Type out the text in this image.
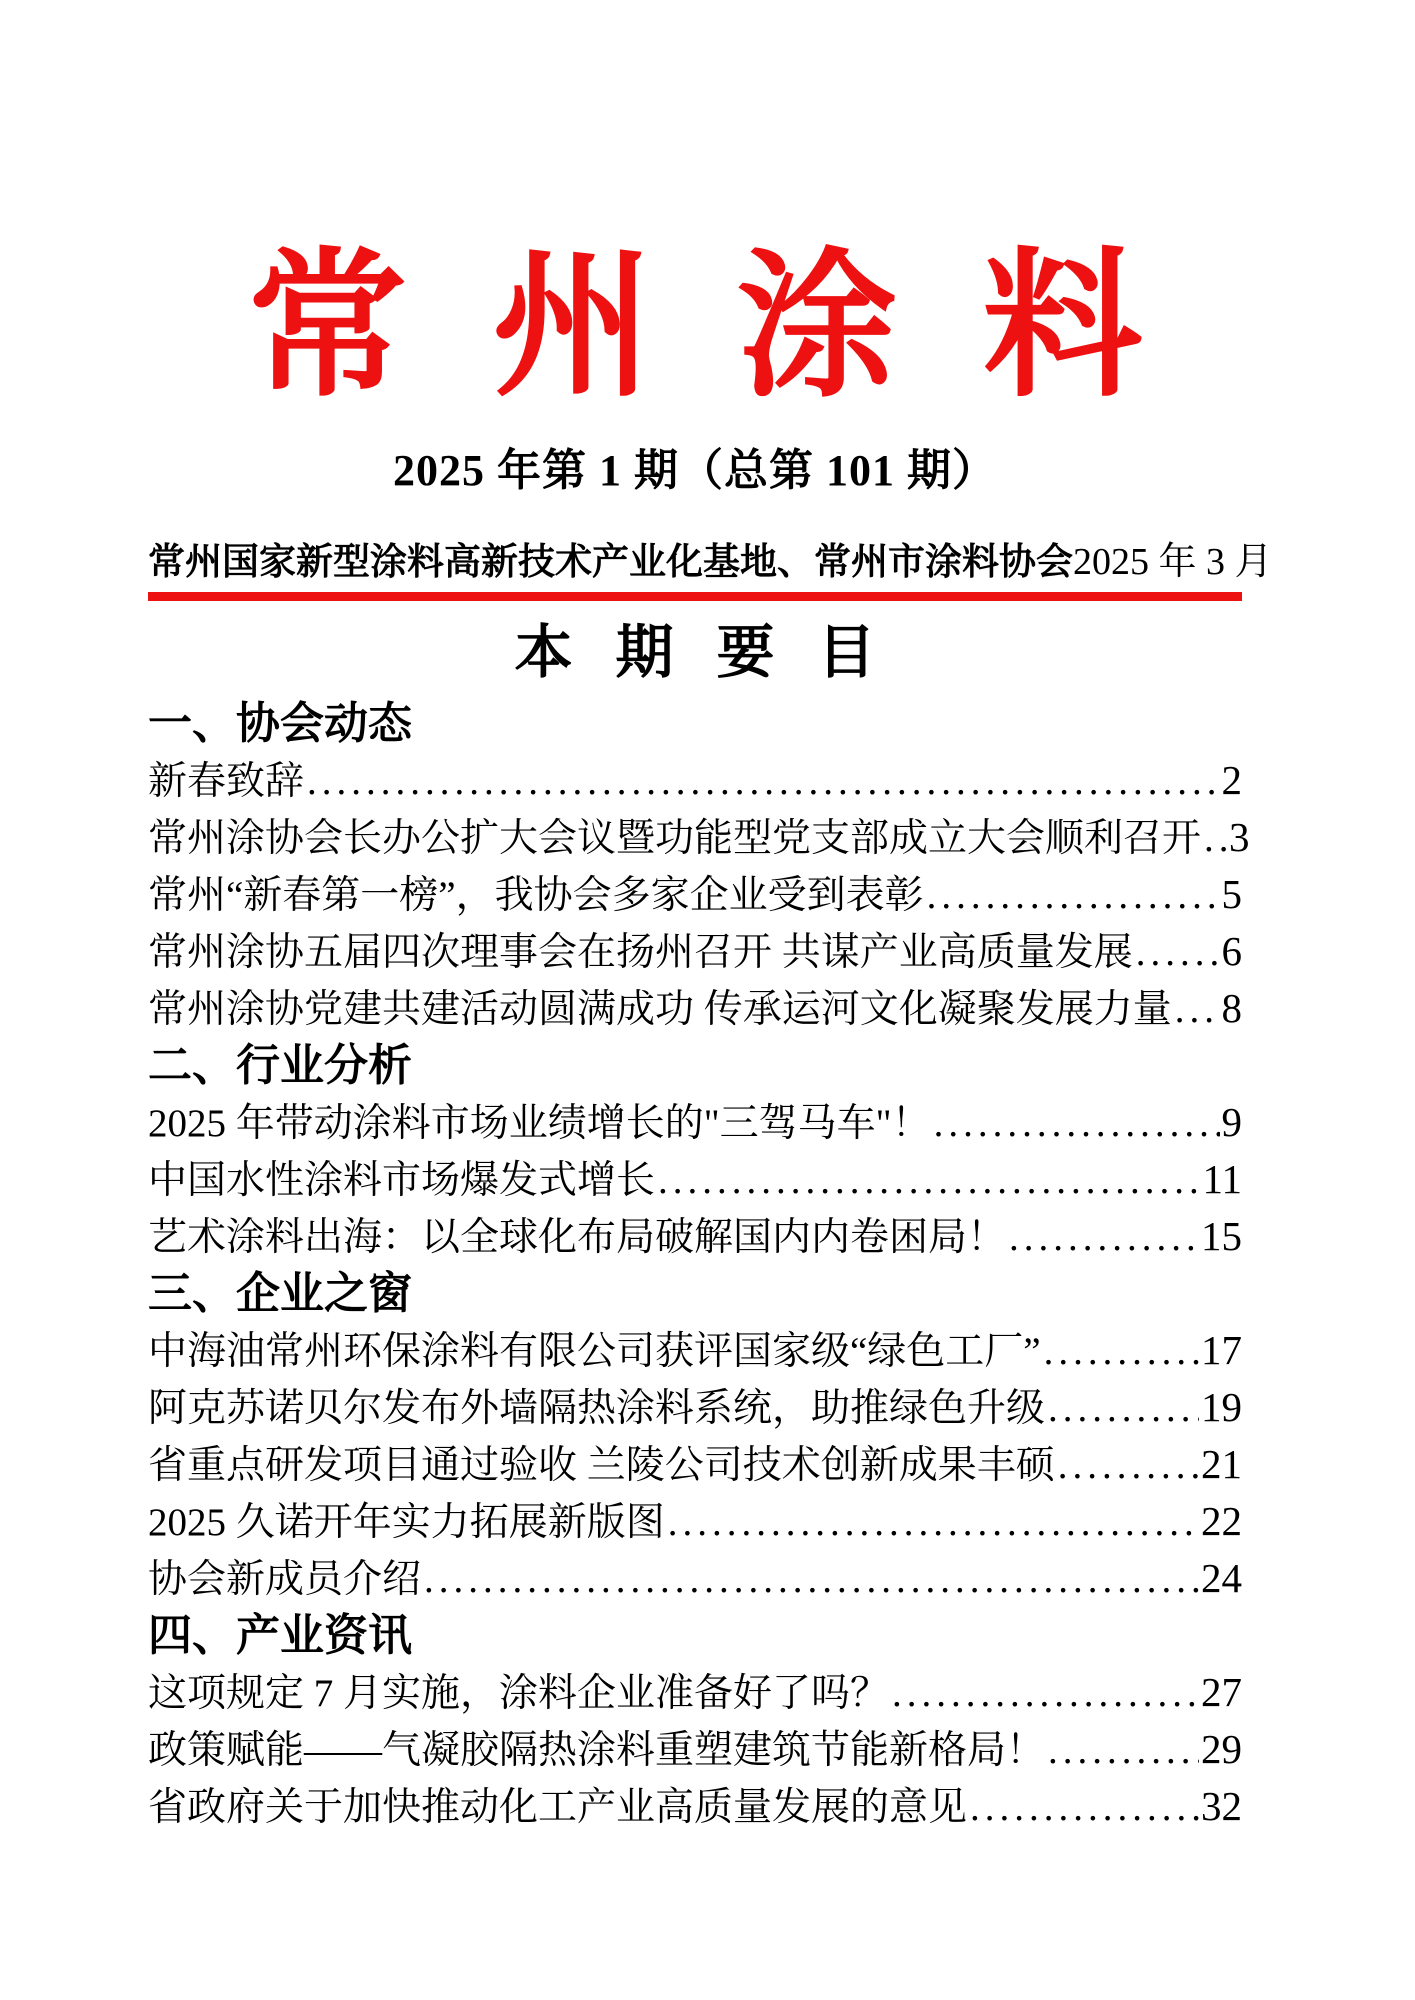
常州涂料
2025 年第 1 期（总第 101 期）
常州国家新型涂料高新技术产业化基地、常州市涂料协会 2025 年 3 月
本期要目
一、协会动态
新春致辞 .....	2
常州涂协会长办公扩大会议暨功能型党支部成立大会顺利召开 ..... 3
常州“新春第一榜”，我协会多家企业受到表彰 .....	5
常州涂协五届四次理事会在扬州召开 共谋产业高质量发展 ..... 6
常州涂协党建共建活动圆满成功 传承运河文化凝聚发展力量 ..... 8
二、行业分析
2025 年带动涂料市场业绩增长的"三驾马车"！ .....	9
中国水性涂料市场爆发式增长 .....	11
艺术涂料出海：以全球化布局破解国内内卷困局！ .....	15
三、企业之窗
中海油常州环保涂料有限公司获评国家级“绿色工厂” .....	17
阿克苏诺贝尔发布外墙隔热涂料系统，助推绿色升级 .....	19
省重点研发项目通过验收 兰陵公司技术创新成果丰硕 .....	21
2025 久诺开年实力拓展新版图 .....	22
协会新成员介绍 .....	24
四、产业资讯
这项规定 7 月实施，涂料企业准备好了吗？ .....	27
政策赋能——气凝胶隔热涂料重塑建筑节能新格局！ .....	29
省政府关于加快推动化工产业高质量发展的意见 .....	32
